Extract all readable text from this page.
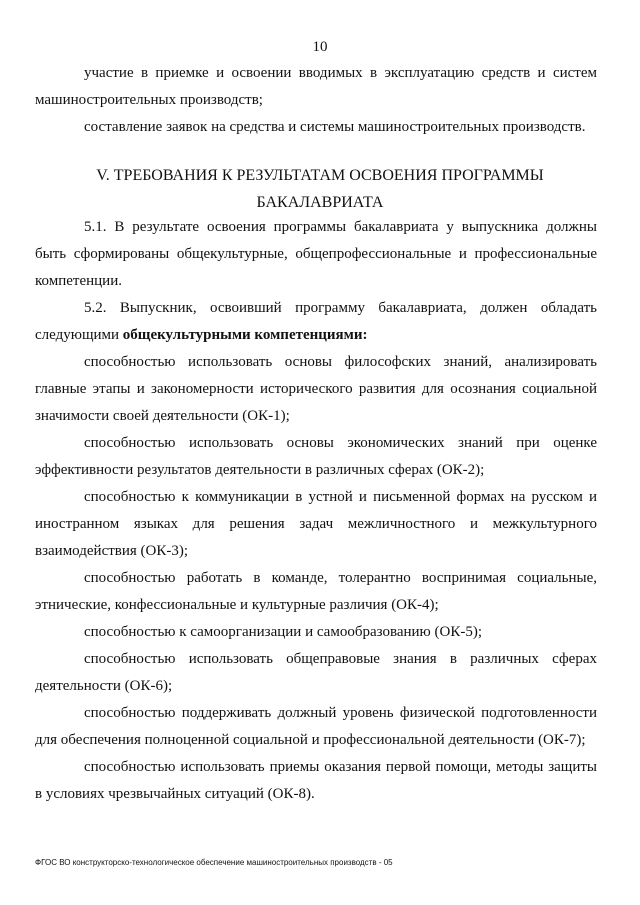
10

участие в приемке и освоении вводимых в эксплуатацию средств и систем машиностроительных производств;

составление заявок на средства и системы машиностроительных производств.

V. ТРЕБОВАНИЯ К РЕЗУЛЬТАТАМ ОСВОЕНИЯ ПРОГРАММЫ
БАКАЛАВРИАТА

5.1. В результате освоения программы бакалавриата у выпускника должны быть сформированы общекультурные, общепрофессиональные и профессиональные компетенции.

5.2. Выпускник, освоивший программу бакалавриата, должен обладать следующими общекультурными компетенциями:

способностью использовать основы философских знаний, анализировать главные этапы и закономерности исторического развития для осознания социальной значимости своей деятельности (ОК-1);

способностью использовать основы экономических знаний при оценке эффективности результатов деятельности в различных сферах (ОК-2);

способностью к коммуникации в устной и письменной формах на русском и иностранном языках для решения задач межличностного и межкультурного взаимодействия (ОК-3);

способностью работать в команде, толерантно воспринимая социальные, этнические, конфессиональные и культурные различия (ОК-4);

способностью к самоорганизации и самообразованию (ОК-5);

способностью использовать общеправовые знания в различных сферах деятельности (ОК-6);

способностью поддерживать должный уровень физической подготовленности для обеспечения полноценной социальной и профессиональной деятельности (ОК-7);

способностью использовать приемы оказания первой помощи, методы защиты в условиях чрезвычайных ситуаций (ОК-8).

ФГОС ВО конструкторско-технологическое обеспечение машиностроительных производств - 05
